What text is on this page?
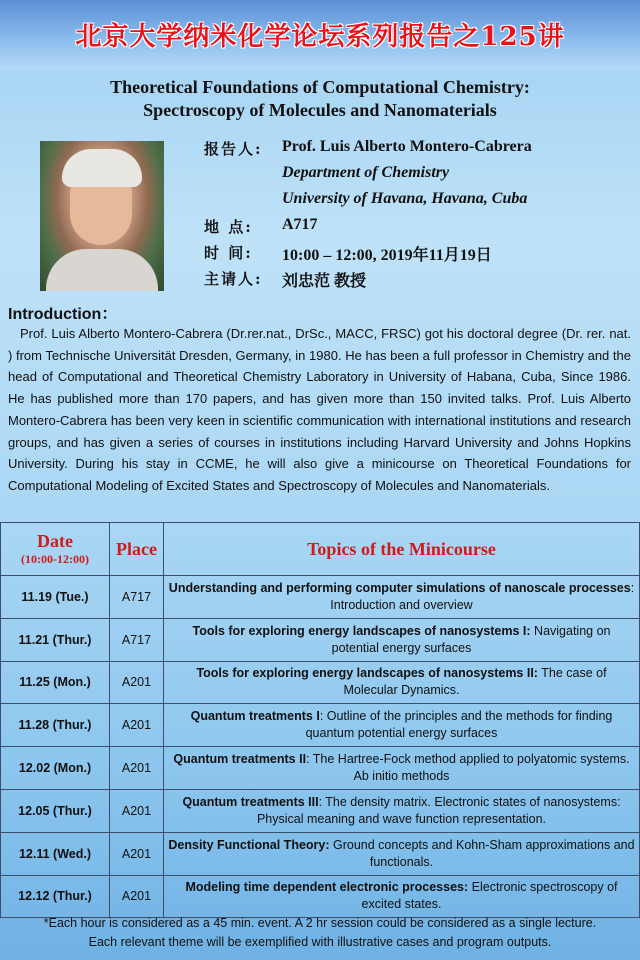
北京大学纳米化学论坛系列报告之125讲
Theoretical Foundations of Computational Chemistry:
Spectroscopy of Molecules and Nanomaterials
报告人:	Prof. Luis Alberto Montero-Cabrera
Department of Chemistry
University of Havana, Havana, Cuba
地 点:	A717
时 间:	10:00 – 12:00, 2019年11月19日
主请人:	刘忠范 教授
Introduction：
Prof. Luis Alberto Montero-Cabrera (Dr.rer.nat., DrSc., MACC, FRSC) got his doctoral degree (Dr. rer. nat. ) from Technische Universität Dresden, Germany, in 1980. He has been a full professor in Chemistry and the head of Computational and Theoretical Chemistry Laboratory in University of Habana, Cuba, Since 1986. He has published more than 170 papers, and has given more than 150 invited talks. Prof. Luis Alberto Montero-Cabrera has been very keen in scientific communication with international institutions and research groups, and has given a series of courses in institutions including Harvard University and Johns Hopkins University. During his stay in CCME, he will also give a minicourse on Theoretical Foundations for Computational Modeling of Excited States and Spectroscopy of Molecules and Nanomaterials.
Date
(10:00-12:00)	Place	Topics of the Minicourse
11.19 (Tue.)	A717	Understanding and performing computer simulations of nanoscale processes: Introduction and overview
11.21 (Thur.)	A717	Tools for exploring energy landscapes of nanosystems I: Navigating on potential energy surfaces
11.25 (Mon.)	A201	Tools for exploring energy landscapes of nanosystems II: The case of Molecular Dynamics.
11.28 (Thur.)	A201	Quantum treatments I: Outline of the principles and the methods for finding quantum potential energy surfaces
12.02 (Mon.)	A201	Quantum treatments II: The Hartree-Fock method applied to polyatomic systems. Ab initio methods
12.05 (Thur.)	A201	Quantum treatments III: The density matrix. Electronic states of nanosystems: Physical meaning and wave function representation.
12.11 (Wed.)	A201	Density Functional Theory: Ground concepts and Kohn-Sham approximations and functionals.
12.12 (Thur.)	A201	Modeling time dependent electronic processes: Electronic spectroscopy of excited states.
*Each hour is considered as a 45 min. event. A 2 hr session could be considered as a single lecture.
Each relevant theme will be exemplified with illustrative cases and program outputs.
